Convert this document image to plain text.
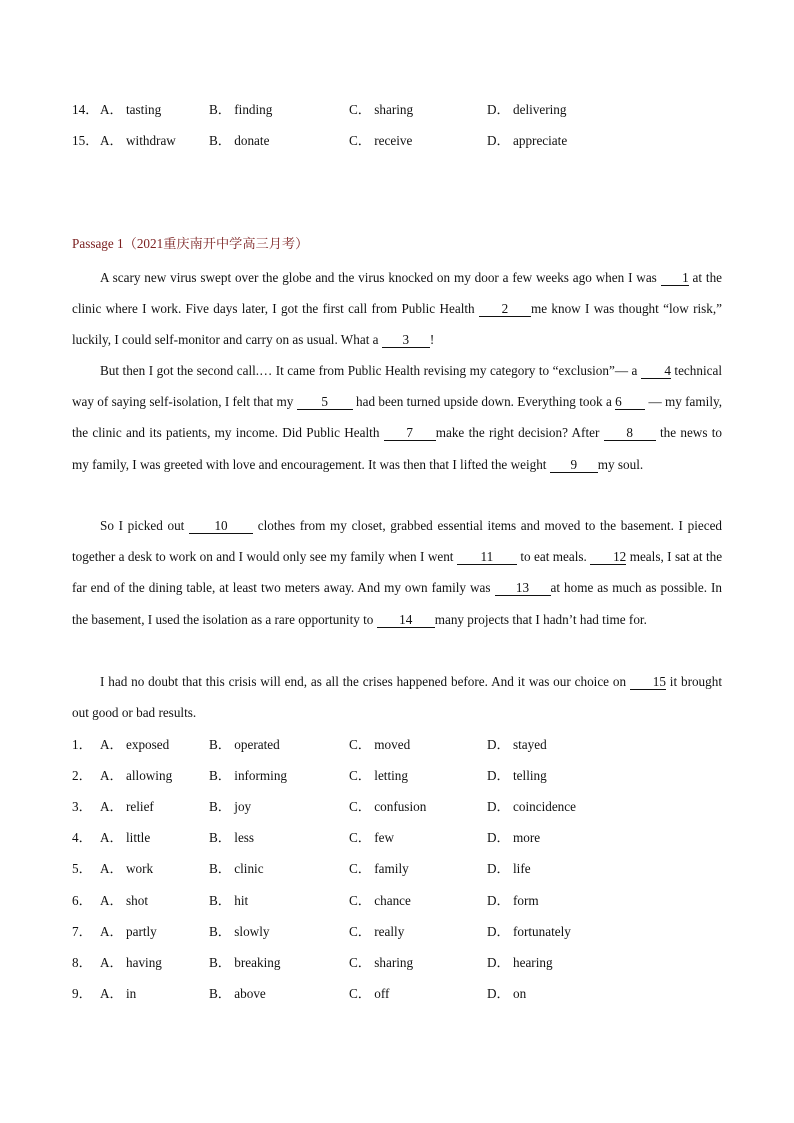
14． A． tasting	B． finding	C． sharing	D． delivering
15． A． withdraw	B． donate	C． receive	D． appreciate
Passage 1（2021重庆南开中学高三月考）

A scary new virus swept over the globe and the virus knocked on my door a few weeks ago when I was 1 at the clinic where I work. Five days later, I got the first call from Public Health 2 me know I was thought “low risk,” luckily, I could self-monitor and carry on as usual. What a 3 !

But then I got the second call.… It came from Public Health revising my category to “exclusion”— a 4 technical way of saying self-isolation, I felt that my 5 had been turned upside down. Everything took a 6 — my family, the clinic and its patients, my income. Did Public Health 7 make the right decision? After 8 the news to my family, I was greeted with love and encouragement. It was then that I lifted the weight 9 my soul.

So I picked out 10 clothes from my closet, grabbed essential items and moved to the basement. I pieced together a desk to work on and I would only see my family when I went 11 to eat meals. 12 meals, I sat at the far end of the dining table, at least two meters away. And my own family was 13 at home as much as possible. In the basement, I used the isolation as a rare opportunity to 14 many projects that I hadn’t had time for.

I had no doubt that this crisis will end, as all the crises happened before. And it was our choice on 15 it brought out good or bad results.

1． A． exposed	B． operated	C． moved	D． stayed
2． A． allowing	B． informing	C． letting	D． telling
3． A． relief	B． joy	C． confusion	D． coincidence
4． A． little	B． less	C． few	D． more
5． A． work	B． clinic	C． family	D． life
6． A． shot	B． hit	C． chance	D． form
7． A． partly	B． slowly	C． really	D． fortunately
8． A． having	B． breaking	C． sharing	D． hearing
9． A． in	B． above	C． off	D． on
